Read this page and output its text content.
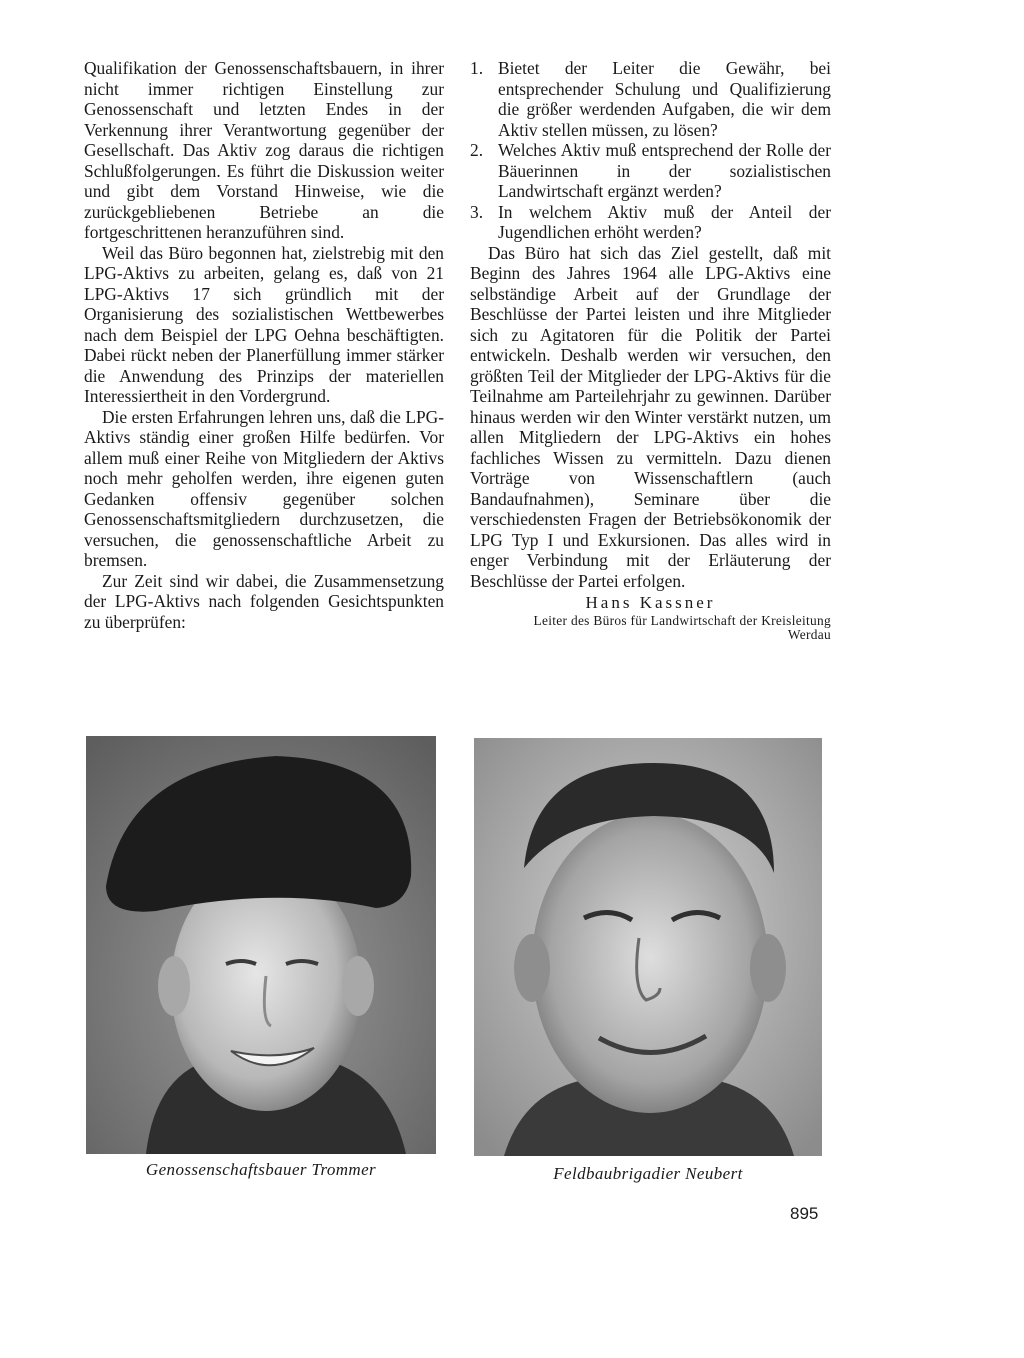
Qualifikation der Genossenschaftsbauern, in ihrer nicht immer richtigen Einstellung zur Genossenschaft und letzten Endes in der Verkennung ihrer Verantwortung gegenüber der Gesellschaft. Das Aktiv zog daraus die richtigen Schlußfolgerungen. Es führt die Diskussion weiter und gibt dem Vorstand Hinweise, wie die zurückgebliebenen Betriebe an die fortgeschrittenen heranzuführen sind.

Weil das Büro begonnen hat, zielstrebig mit den LPG-Aktivs zu arbeiten, gelang es, daß von 21 LPG-Aktivs 17 sich gründlich mit der Organisierung des sozialistischen Wettbewerbes nach dem Beispiel der LPG Oehna beschäftigten. Dabei rückt neben der Planerfüllung immer stärker die Anwendung des Prinzips der materiellen Interessiertheit in den Vordergrund.

Die ersten Erfahrungen lehren uns, daß die LPG-Aktivs ständig einer großen Hilfe bedürfen. Vor allem muß einer Reihe von Mitgliedern der Aktivs noch mehr geholfen werden, ihre eigenen guten Gedanken offensiv gegenüber solchen Genossenschaftsmitgliedern durchzusetzen, die versuchen, die genossenschaftliche Arbeit zu bremsen.

Zur Zeit sind wir dabei, die Zusammensetzung der LPG-Aktivs nach folgenden Gesichtspunkten zu überprüfen:

1. Bietet der Leiter die Gewähr, bei entsprechender Schulung und Qualifizierung die größer werdenden Aufgaben, die wir dem Aktiv stellen müssen, zu lösen?
2. Welches Aktiv muß entsprechend der Rolle der Bäuerinnen in der sozialistischen Landwirtschaft ergänzt werden?
3. In welchem Aktiv muß der Anteil der Jugendlichen erhöht werden?

Das Büro hat sich das Ziel gestellt, daß mit Beginn des Jahres 1964 alle LPG-Aktivs eine selbständige Arbeit auf der Grundlage der Beschlüsse der Partei leisten und ihre Mitglieder sich zu Agitatoren für die Politik der Partei entwickeln. Deshalb werden wir versuchen, den größten Teil der Mitglieder der LPG-Aktivs für die Teilnahme am Parteilehrjahr zu gewinnen. Darüber hinaus werden wir den Winter verstärkt nutzen, um allen Mitgliedern der LPG-Aktivs ein hohes fachliches Wissen zu vermitteln. Dazu dienen Vorträge von Wissenschaftlern (auch Bandaufnahmen), Seminare über die verschiedensten Fragen der Betriebsökonomik der LPG Typ I und Exkursionen. Das alles wird in enger Verbindung mit der Erläuterung der Beschlüsse der Partei erfolgen.

Hans Kassner
Leiter des Büros für Landwirtschaft der Kreisleitung Werdau
Genossenschaftsbauer Trommer	Feldbaubrigadier Neubert
895
